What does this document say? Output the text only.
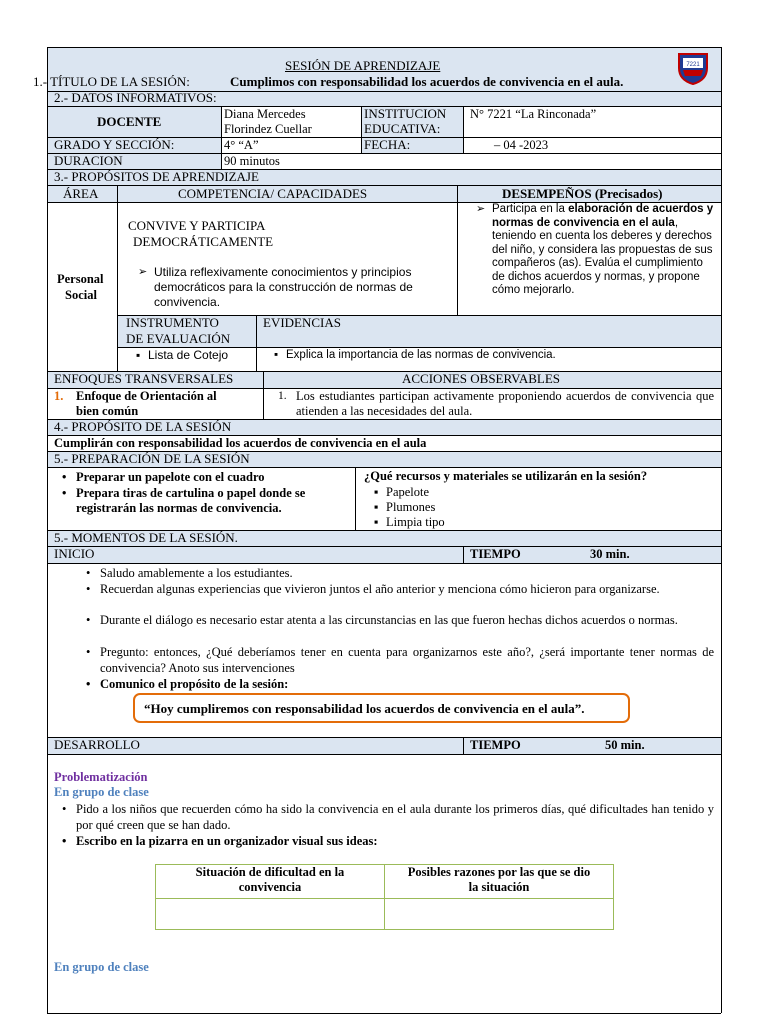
7221
SESIÓN DE APRENDIZAJE
1.- TÍTULO DE LA SESIÓN:	Cumplimos con responsabilidad los acuerdos de convivencia en el aula.
2.- DATOS INFORMATIVOS:
DOCENTE	Diana Mercedes
Florindez Cuellar
INSTITUCION
EDUCATIVA:
N° 7221 “La Rinconada”
GRADO Y SECCIÓN:	4° “A”	FECHA:	– 04 -2023
DURACION	90 minutos
3.- PROPÓSITOS DE APRENDIZAJE
ÁREA	COMPETENCIA/ CAPACIDADES	DESEMPEÑOS (Precisados)
Personal
Social
CONVIVE Y PARTICIPA
DEMOCRÁTICAMENTE
➢ Utiliza reflexivamente conocimientos y principios democráticos para la construcción de normas de convivencia.
➢ Participa en la elaboración de acuerdos y normas de convivencia en el aula, teniendo en cuenta los deberes y derechos del niño, y considera las propuestas de sus compañeros (as). Evalúa el cumplimiento de dichos acuerdos y normas, y propone cómo mejorarlo.
INSTRUMENTO
DE EVALUACIÓN
EVIDENCIAS
▪ Lista de Cotejo
▪	Explica la importancia de las normas de convivencia.
ENFOQUES TRANSVERSALES	ACCIONES OBSERVABLES
1. Enfoque de Orientación al
bien común
1. Los estudiantes participan activamente proponiendo acuerdos de convivencia que atienden a las necesidades del aula.
4.- PROPÓSITO DE LA SESIÓN
Cumplirán con responsabilidad los acuerdos de convivencia en el aula
5.- PREPARACIÓN DE LA SESIÓN
• Preparar un papelote con el cuadro
• Prepara tiras de cartulina o papel donde se registrarán las normas de convivencia.
¿Qué recursos y materiales se utilizarán en la sesión?
▪ Papelote
▪ Plumones
▪ Limpia tipo
5.- MOMENTOS DE LA SESIÓN.
INICIO	TIEMPO	30 min.
• Saludo amablemente a los estudiantes.
• Recuerdan algunas experiencias que vivieron juntos el año anterior y menciona cómo hicieron para organizarse.
• Durante el diálogo es necesario estar atenta a las circunstancias en las que fueron hechas dichos acuerdos o normas.
• Pregunto: entonces, ¿Qué deberíamos tener en cuenta para organizarnos este año?, ¿será importante tener normas de convivencia? Anoto sus intervenciones
• Comunico el propósito de la sesión:
“Hoy cumpliremos con responsabilidad los acuerdos de convivencia en el aula”.
DESARROLLO	TIEMPO	50 min.
Problematización
En grupo de clase
• Pido a los niños que recuerden cómo ha sido la convivencia en el aula durante los primeros días, qué dificultades han tenido y por qué creen que se han dado.
• Escribo en la pizarra en un organizador visual sus ideas:
Situación de dificultad en la
convivencia
Posibles razones por las que se dio
la situación
En grupo de clase
